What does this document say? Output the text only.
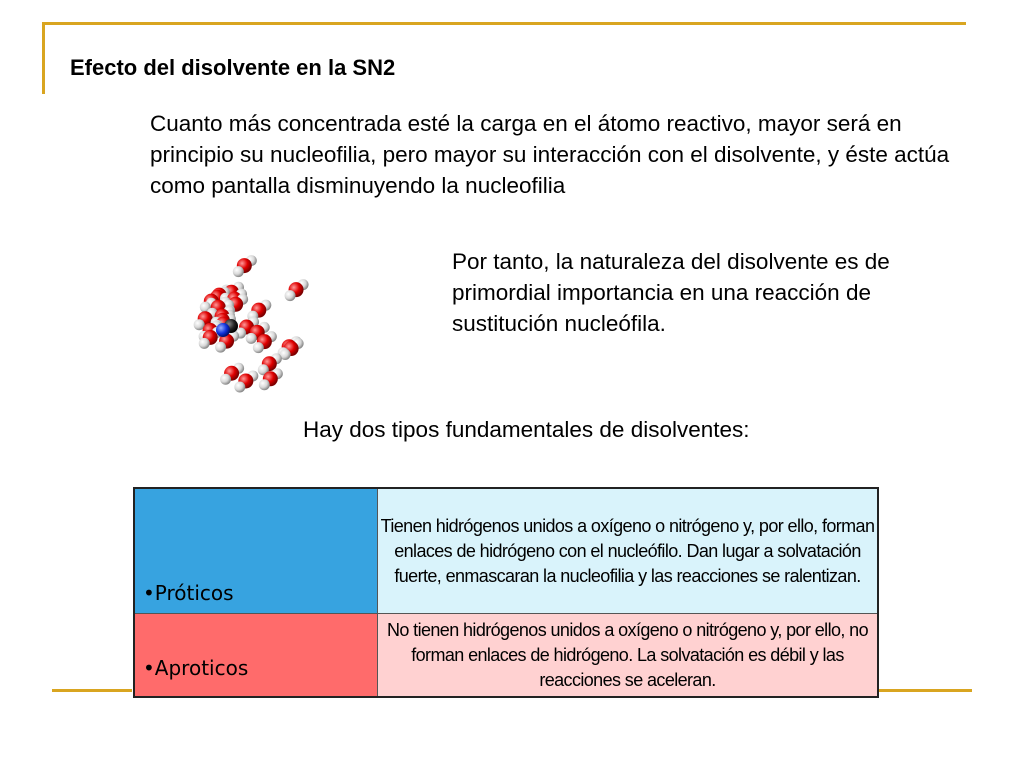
Efecto del disolvente en la SN2
Cuanto más concentrada esté la carga en el átomo reactivo, mayor será en principio su nucleofilia, pero mayor su interacción con el disolvente, y éste actúa como pantalla disminuyendo la nucleofilia
Por tanto, la naturaleza del disolvente es de primordial importancia en una reacción de sustitución nucleófila.
Hay dos tipos fundamentales de disolventes:
•Próticos	Tienen hidrógenos unidos a oxígeno o nitrógeno y, por ello, forman enlaces de hidrógeno con el nucleófilo. Dan lugar a solvatación fuerte, enmascaran la nucleofilia y las reacciones se ralentizan.
•Aproticos	No tienen hidrógenos unidos a oxígeno o nitrógeno y, por ello, no forman enlaces de hidrógeno. La solvatación es débil y las reacciones se aceleran.
